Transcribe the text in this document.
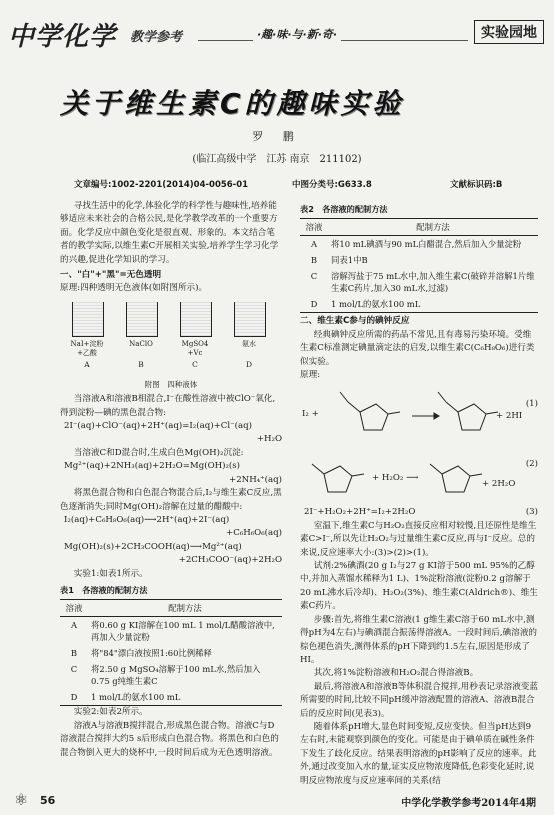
中学化学 教学参考	·趣·味·与·新·奇·	实验园地
关于维生素C的趣味实验
罗 鹏
(临江高级中学　江苏 南京　211102)
文章编号:1002-2201(2014)04-0056-01	中图分类号:G633.8	文献标识码:B

寻找生活中的化学,体验化学的科学性与趣味性,培养能够适应未来社会的合格公民,是化学教学改革的一个重要方面。化学反应中颜色变化是很直观、形象的。本文结合笔者的教学实际,以维生素C开展相关实验,培养学生学习化学的兴趣,促进化学知识的学习。

一、"白"+"黑"=无色透明

原理:四种透明无色液体(如附图所示)。

NaI+淀粉
+乙酸
NaClO	MgSO4
+Vc
氨水
A	B	C	D
附图　四种液体

当溶液A和溶液B相混合,I⁻在酸性溶液中被ClO⁻氧化,得到淀粉—碘的黑色混合物:

2I⁻(aq)+ClO⁻(aq)+2H⁺(aq)=I₂(aq)+Cl⁻(aq)
+H₂O

当溶液C和D混合时,生成白色Mg(OH)₂沉淀:

Mg²⁺(aq)+2NH₃(aq)+2H₂O=Mg(OH)₂(s)
+2NH₄⁺(aq)

将黑色混合物和白色混合物混合后,I₂与维生素C反应,黑色逐渐消失;同时Mg(OH)₂溶解在过量的醋酸中:

I₂(aq)+C₆H₈O₆(aq)⟶2H⁺(aq)+2I⁻(aq)
+C₆H₆O₆(aq)
Mg(OH)₂(s)+2CH₃COOH(aq)⟶Mg²⁺(aq)
+2CH₃COO⁻(aq)+2H₂O

实验1:如表1所示。

表1　各溶液的配制方法
溶液	配制方法
A	将0.60 g KI溶解在100 mL 1 mol/L醋酸溶液中,再加入少量淀粉
B	将"84"漂白液按照1:60比例稀释
C	将2.50 g MgSO₄溶解于100 mL水,然后加入0.75 g纯维生素C
D	1 mol/L的氨水100 mL

实验2:如表2所示。

溶液A与溶液B搅拌混合,形成黑色混合物。溶液C与D溶液混合搅拌大约5 s后形成白色混合物。将黑色和白色的混合物倒入更大的烧杯中,一段时间后成为无色透明溶液。

表2　各溶液的配制方法
溶液	配制方法
A	将10 mL碘酒与90 mL白醋混合,然后加入少量淀粉
B	同表1中B
C	溶解泻盐于75 mL水中,加入维生素C(破碎并溶解1片维生素C药片,加入30 mL水,过滤)
D	1 mol/L的氨水100 mL
二、维生素C参与的碘钟反应

经典碘钟反应所需的药品不常见,且有毒易污染环境。受维生素C标准测定碘量滴定法的启发,以维生素C(C₆H₈O₆)进行类似实验。

原理:

I₂ +	+ 2HI
(1)
+ H₂O₂ ⟶
+ 2H₂O
(2)
2I⁻+H₂O₂+2H⁺=I₂+2H₂O	(3)

室温下,维生素C与H₂O₂直接反应相对较慢,且还原性是维生素C>I⁻,所以先让H₂O₂与过量维生素C反应,再与I⁻反应。总的来说,反应速率大小:(3)>(2)>(1)。

试剂:2%碘酒(20 g I₂与27 g KI溶于500 mL 95%的乙醇中,并加入蒸馏水稀释为1 L)、1%淀粉溶液(淀粉0.2 g溶解于20 mL沸水后冷却)、H₂O₂(3%)、维生素C(Aldrich®)、维生素C药片。

步骤:首先,将维生素C溶液(1 g维生素C溶于60 mL水中,测得pH为4左右)与碘酒混合振荡得溶液A。一段时间后,碘溶液的棕色褪色消失,测得体系的pH下降到约1.5左右,原因是形成了HI。

其次,将1%淀粉溶液和H₂O₂混合得溶液B。

最后,将溶液A和溶液B等体积混合搅拌,用秒表记录溶液变蓝所需要的时间,比较不同pH缓冲溶液配置的溶液A、溶液B混合后的反应时间(见表3)。

随着体系pH增大,显色时间变短,反应变快。但当pH达到9左右时,未能观察到颜色的变化。可能是由于碘单质在碱性条件下发生了歧化反应。结果表明溶液的pH影响了反应的速率。此外,通过改变加入水的量,证实反应物浓度降低,色彩变化延时,说明反应物浓度与反应速率间的关系(结

⚛ 56	中学化学教学参考2014年4期
